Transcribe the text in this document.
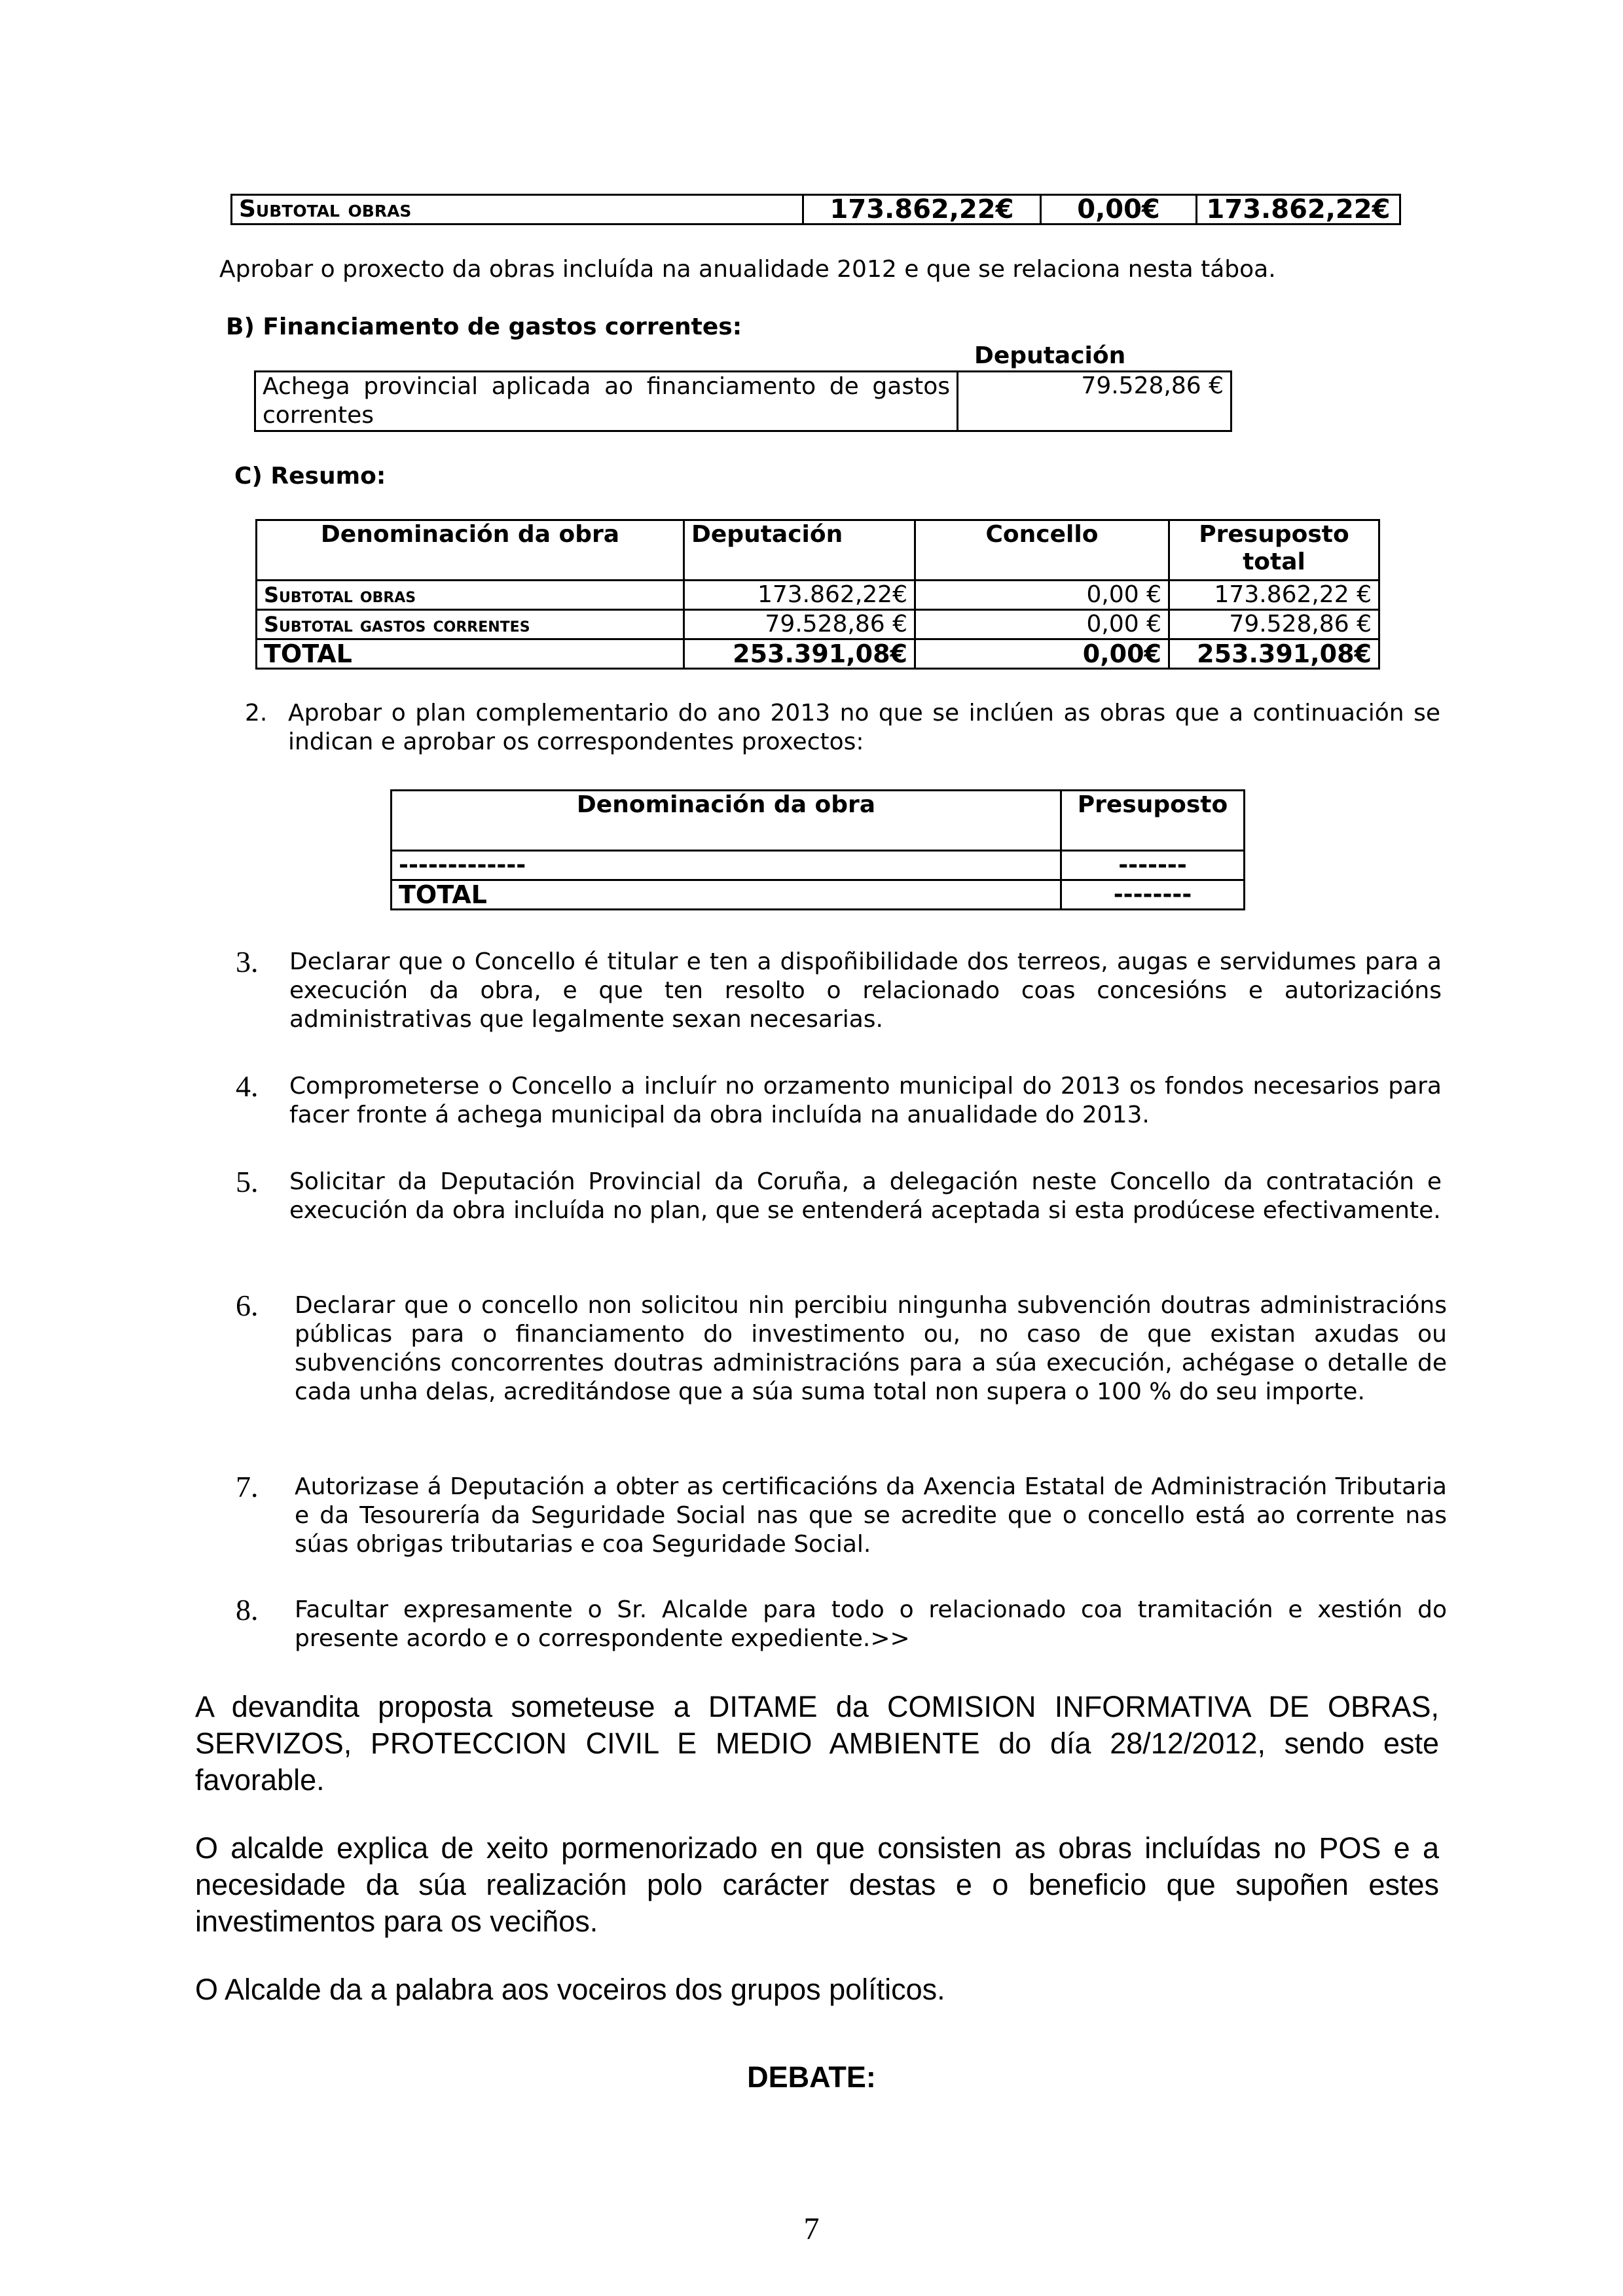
Subtotal obras	173.862,22€	0,00€	173.862,22€
Aprobar o proxecto da obras incluída na anualidade 2012 e que se relaciona nesta táboa.
B) Financiamento de gastos correntes:
Deputación
Achega provincial aplicada ao financiamento de gastos correntes	79.528,86 €
C) Resumo:
Denominación da obra	Deputación	Concello	Presuposto total
Subtotal obras	173.862,22€	0,00 €	173.862,22 €
Subtotal gastos correntes	79.528,86 €	0,00 €	79.528,86 €
TOTAL	253.391,08€	0,00€	253.391,08€
2. Aprobar o plan complementario do ano 2013 no que se inclúen as obras que a continuación se indican e aprobar os correspondentes proxectos:
Denominación da obra	Presuposto
-------------	-------
TOTAL	--------
3. Declarar que o Concello é titular e ten a dispoñibilidade dos terreos, augas e servidumes para a execución da obra, e que ten resolto o relacionado coas concesións e autorizacións administrativas que legalmente sexan necesarias.
4. Comprometerse o Concello a incluír no orzamento municipal do 2013 os fondos necesarios para facer fronte á achega municipal da obra incluída na anualidade do 2013.
5. Solicitar da Deputación Provincial da Coruña, a delegación neste Concello da contratación e execución da obra incluída no plan, que se entenderá aceptada si esta prodúcese efectivamente.
6. Declarar que o concello non solicitou nin percibiu ningunha subvención doutras administracións públicas para o financiamento do investimento ou, no caso de que existan axudas ou subvencións concorrentes doutras administracións para a súa execución, achégase o detalle de cada unha delas, acreditándose que a súa suma total non supera o 100 % do seu importe.
7. Autorizase á Deputación a obter as certificacións da Axencia Estatal de Administración Tributaria e da Tesourería da Seguridade Social nas que se acredite que o concello está ao corrente nas súas obrigas tributarias e coa Seguridade Social.
8. Facultar expresamente o Sr. Alcalde para todo o relacionado coa tramitación e xestión do presente acordo e o correspondente expediente.>>
A devandita proposta someteuse a DITAME da COMISION INFORMATIVA DE OBRAS, SERVIZOS, PROTECCION CIVIL E MEDIO AMBIENTE do día 28/12/2012, sendo este favorable.
O alcalde explica de xeito pormenorizado en que consisten as obras incluídas no POS e a necesidade da súa realización polo carácter destas e o beneficio que supoñen estes investimentos para os veciños.
O Alcalde da a palabra aos voceiros dos grupos políticos.
DEBATE:
7
